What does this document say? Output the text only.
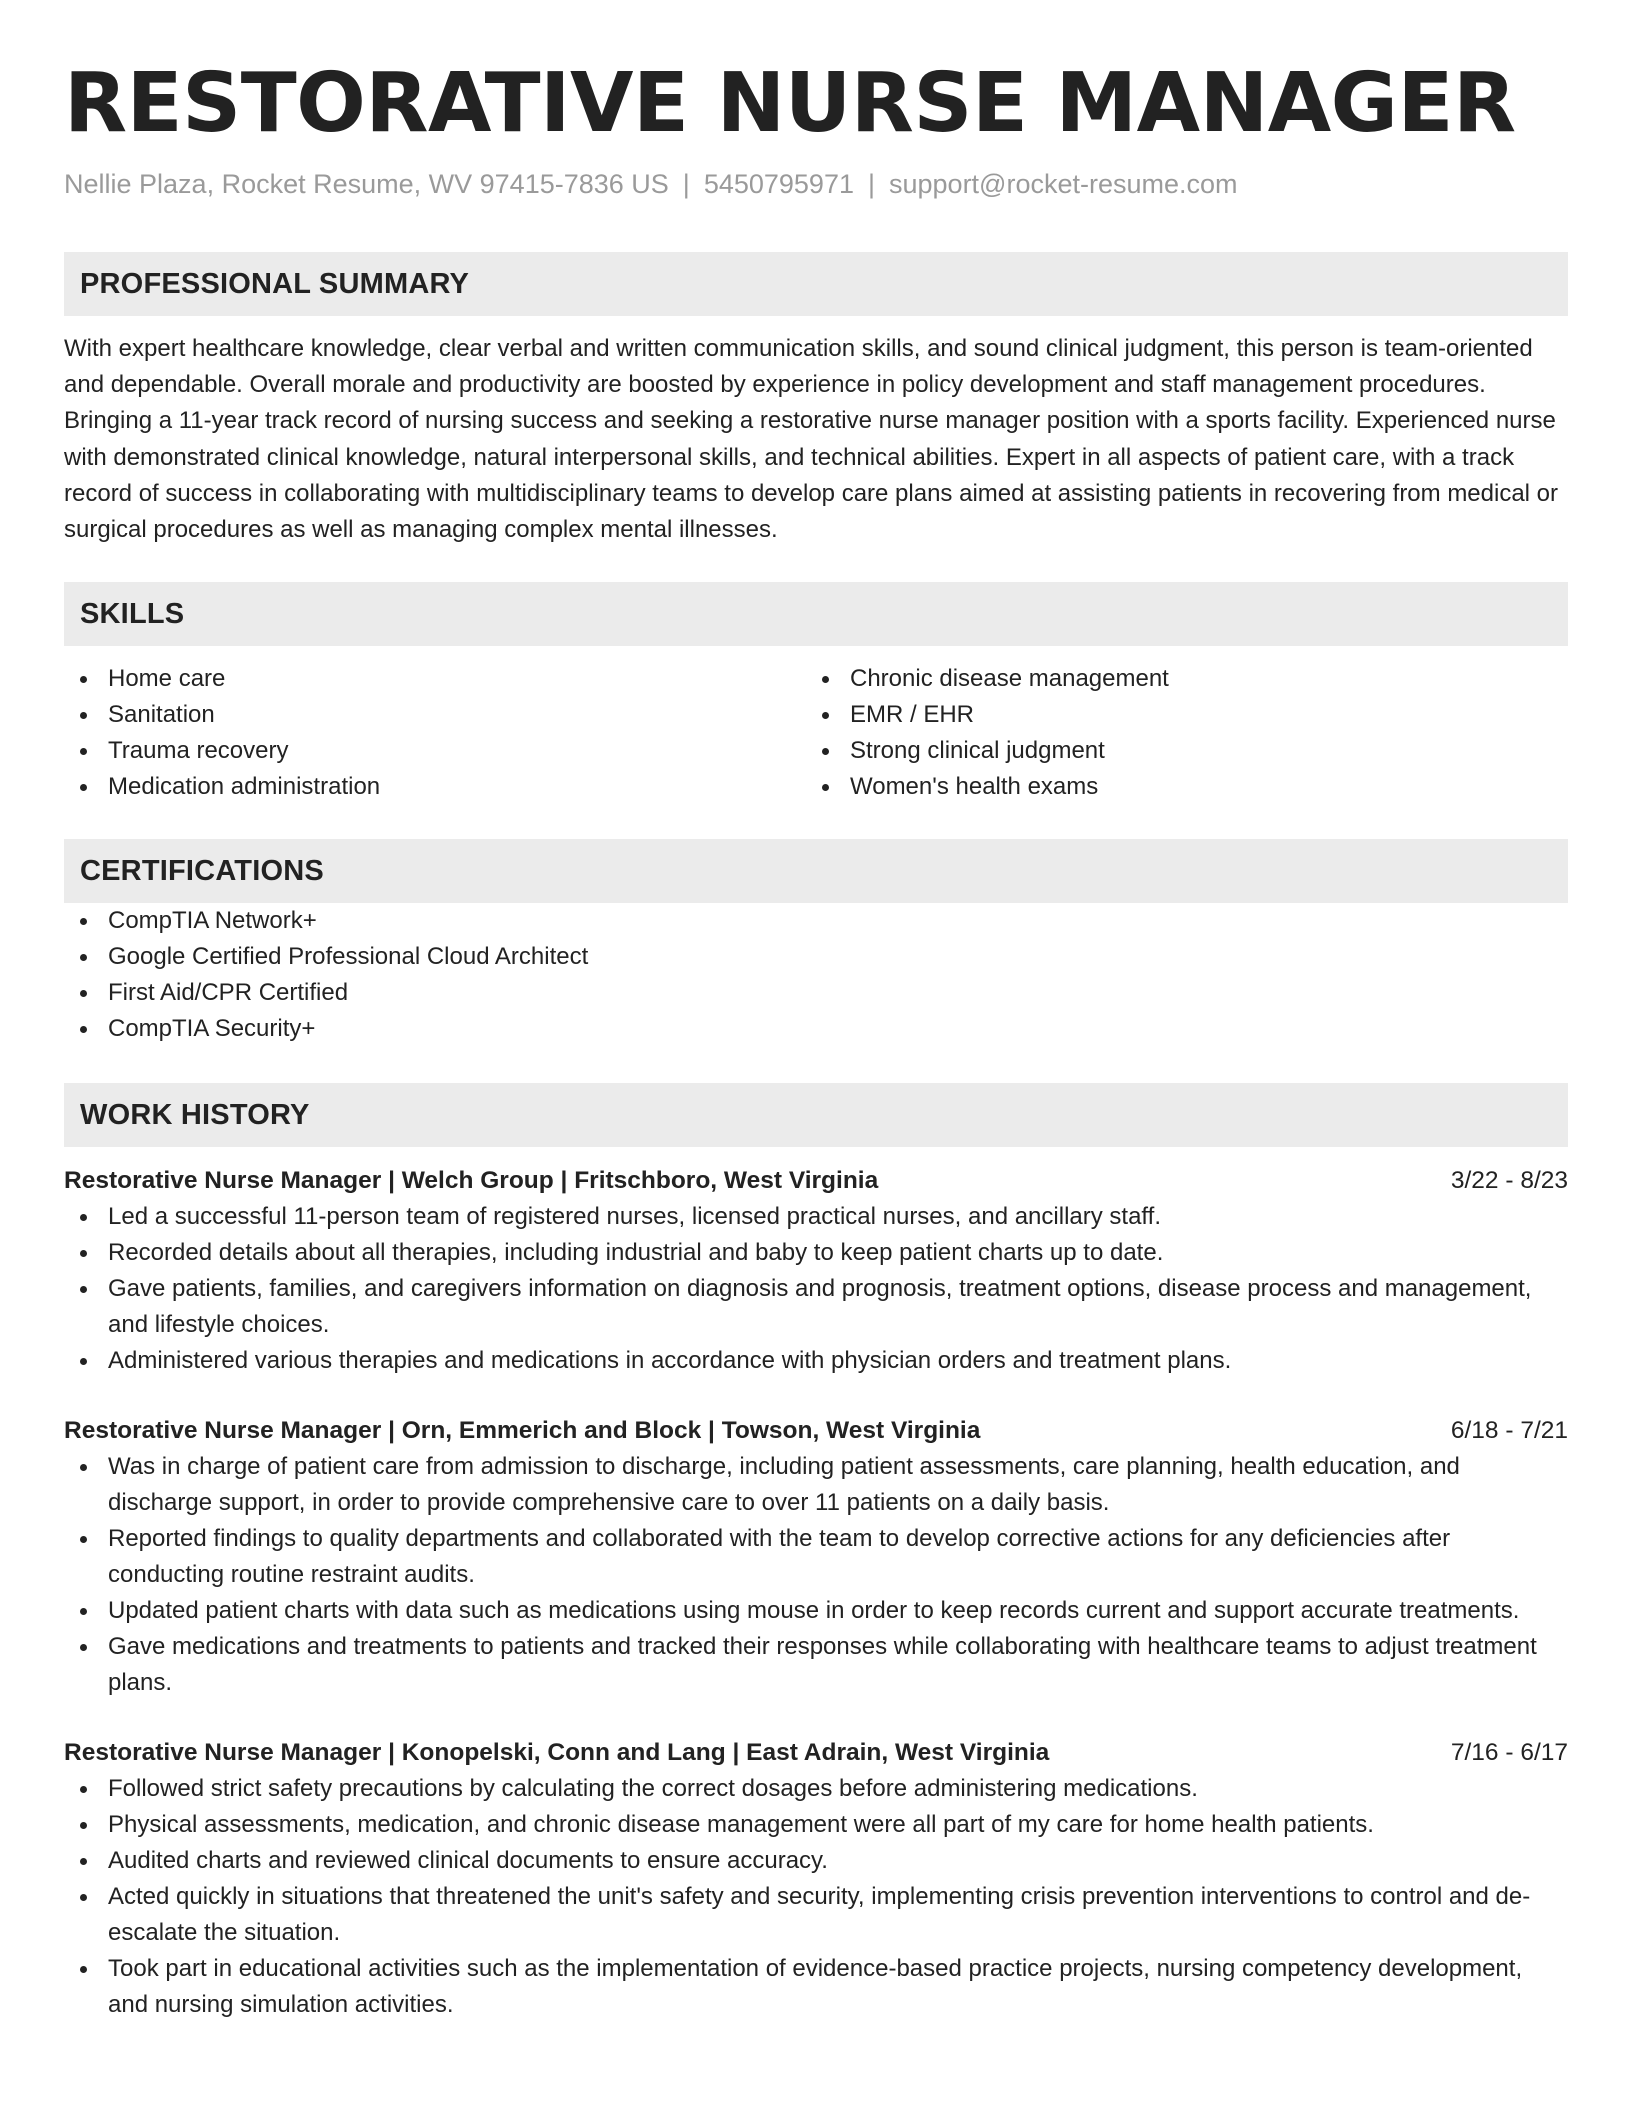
RESTORATIVE NURSE MANAGER
Nellie Plaza, Rocket Resume, WV 97415-7836 US | 5450795971 | support@rocket-resume.com
PROFESSIONAL SUMMARY
With expert healthcare knowledge, clear verbal and written communication skills, and sound clinical judgment, this person is team-oriented and dependable. Overall morale and productivity are boosted by experience in policy development and staff management procedures. Bringing a 11-year track record of nursing success and seeking a restorative nurse manager position with a sports facility. Experienced nurse with demonstrated clinical knowledge, natural interpersonal skills, and technical abilities. Expert in all aspects of patient care, with a track record of success in collaborating with multidisciplinary teams to develop care plans aimed at assisting patients in recovering from medical or surgical procedures as well as managing complex mental illnesses.
SKILLS
Home care
Sanitation
Trauma recovery
Medication administration
Chronic disease management
EMR / EHR
Strong clinical judgment
Women's health exams
CERTIFICATIONS
CompTIA Network+
Google Certified Professional Cloud Architect
First Aid/CPR Certified
CompTIA Security+
WORK HISTORY
Restorative Nurse Manager | Welch Group | Fritschboro, West Virginia	3/22 - 8/23
Led a successful 11-person team of registered nurses, licensed practical nurses, and ancillary staff.
Recorded details about all therapies, including industrial and baby to keep patient charts up to date.
Gave patients, families, and caregivers information on diagnosis and prognosis, treatment options, disease process and management, and lifestyle choices.
Administered various therapies and medications in accordance with physician orders and treatment plans.
Restorative Nurse Manager | Orn, Emmerich and Block | Towson, West Virginia	6/18 - 7/21
Was in charge of patient care from admission to discharge, including patient assessments, care planning, health education, and discharge support, in order to provide comprehensive care to over 11 patients on a daily basis.
Reported findings to quality departments and collaborated with the team to develop corrective actions for any deficiencies after conducting routine restraint audits.
Updated patient charts with data such as medications using mouse in order to keep records current and support accurate treatments.
Gave medications and treatments to patients and tracked their responses while collaborating with healthcare teams to adjust treatment plans.
Restorative Nurse Manager | Konopelski, Conn and Lang | East Adrain, West Virginia	7/16 - 6/17
Followed strict safety precautions by calculating the correct dosages before administering medications.
Physical assessments, medication, and chronic disease management were all part of my care for home health patients.
Audited charts and reviewed clinical documents to ensure accuracy.
Acted quickly in situations that threatened the unit's safety and security, implementing crisis prevention interventions to control and de-escalate the situation.
Took part in educational activities such as the implementation of evidence-based practice projects, nursing competency development, and nursing simulation activities.
